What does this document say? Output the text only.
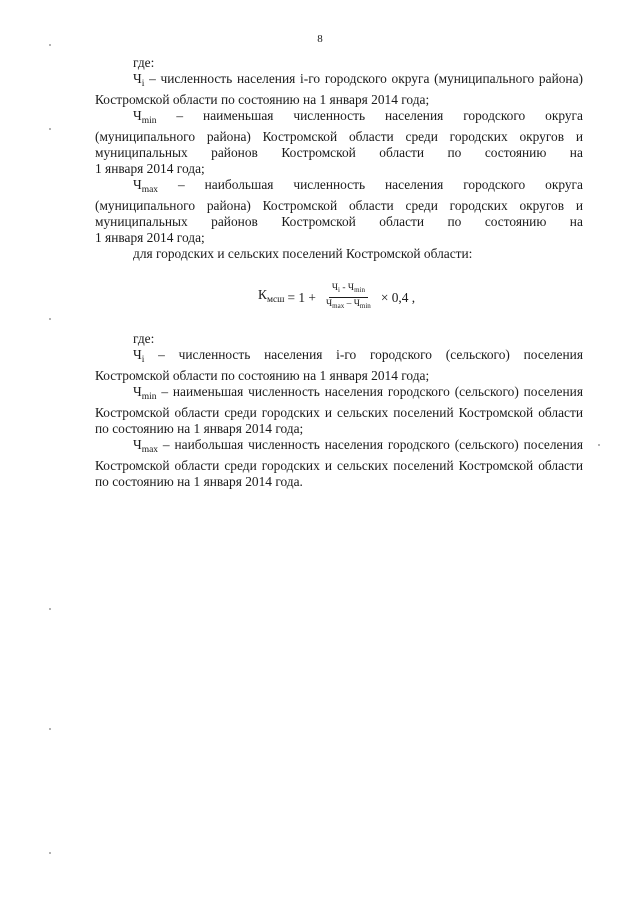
8

где:

$Ч_i$ – численность населения i-го городского округа (муниципального района) Костромской области по состоянию на 1 января 2014 года;

$Ч_{min}$ – наименьшая численность населения городского округа (муниципального района) Костромской области среди городских округов и

муниципальных районов Костромской области по состоянию на

1 января 2014 года;

$Ч_{max}$ – наибольшая численность населения городского округа (муниципального района) Костромской области среди городских округов и

муниципальных районов Костромской области по состоянию на

1 января 2014 года;

для городских и сельских поселений Костромской области:

$К_{мсш} = 1 + \frac{Ч_i - Ч_{min}}{Ч_{max} - Ч_{min}} \times 0,4$ ,

где:

$Ч_i$ – численность населения i-го городского (сельского) поселения Костромской области по состоянию на 1 января 2014 года;

$Ч_{min}$ – наименьшая численность населения городского (сельского) поселения Костромской области среди городских и сельских поселений Костромской области по состоянию на 1 января 2014 года;

$Ч_{max}$ – наибольшая численность населения городского (сельского) поселения Костромской области среди городских и сельских поселений Костромской области по состоянию на 1 января 2014 года.
